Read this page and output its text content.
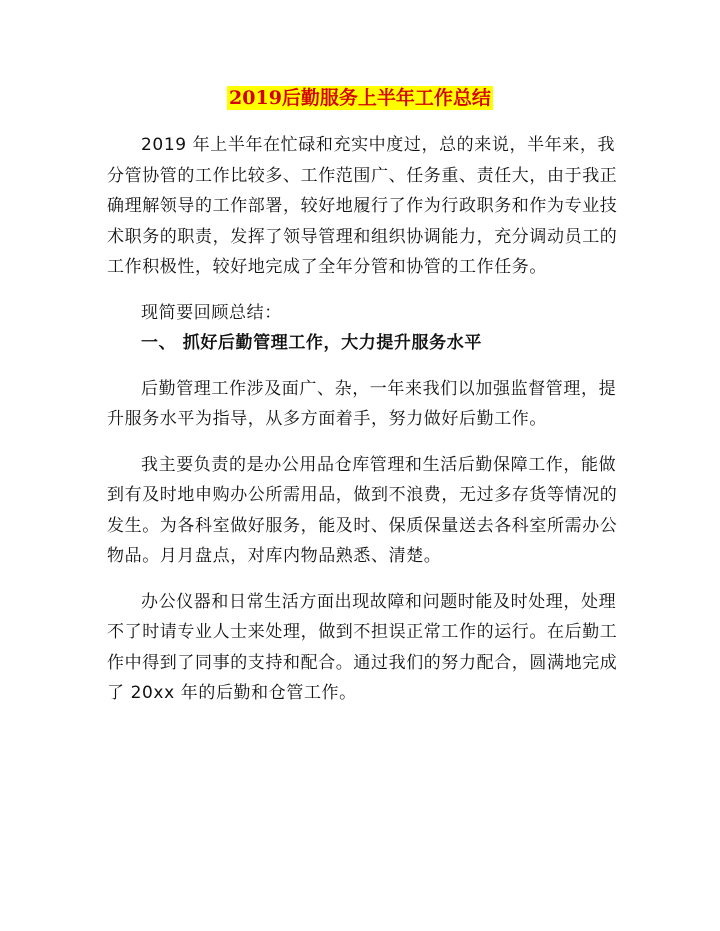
2019后勤服务上半年工作总结

2019 年上半年在忙碌和充实中度过，总的来说，半年来，我分管协管的工作比较多、工作范围广、任务重、责任大，由于我正确理解领导的工作部署，较好地履行了作为行政职务和作为专业技术职务的职责，发挥了领导管理和组织协调能力，充分调动员工的工作积极性，较好地完成了全年分管和协管的工作任务。

现简要回顾总结：

一、 抓好后勤管理工作，大力提升服务水平

后勤管理工作涉及面广、杂，一年来我们以加强监督管理，提升服务水平为指导，从多方面着手，努力做好后勤工作。

我主要负责的是办公用品仓库管理和生活后勤保障工作，能做到有及时地申购办公所需用品，做到不浪费，无过多存货等情况的发生。为各科室做好服务，能及时、保质保量送去各科室所需办公物品。月月盘点，对库内物品熟悉、清楚。

办公仪器和日常生活方面出现故障和问题时能及时处理，处理不了时请专业人士来处理，做到不担误正常工作的运行。在后勤工作中得到了同事的支持和配合。通过我们的努力配合，圆满地完成了 20xx 年的后勤和仓管工作。
